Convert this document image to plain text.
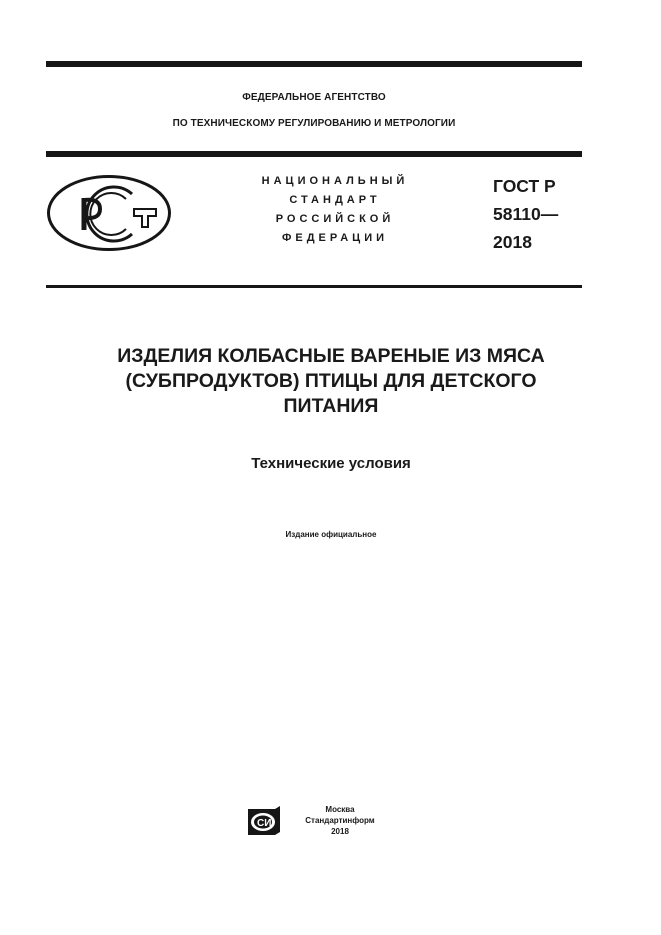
ФЕДЕРАЛЬНОЕ АГЕНТСТВО
ПО ТЕХНИЧЕСКОМУ РЕГУЛИРОВАНИЮ И МЕТРОЛОГИИ
НАЦИОНАЛЬНЫЙ
СТАНДАРТ
РОССИЙСКОЙ
ФЕДЕРАЦИИ
ГОСТ Р
58110—
2018
ИЗДЕЛИЯ КОЛБАСНЫЕ ВАРЕНЫЕ ИЗ МЯСА
(СУБПРОДУКТОВ) ПТИЦЫ ДЛЯ ДЕТСКОГО
ПИТАНИЯ
Технические условия
Издание официальное
СИ
Москва
Стандартинформ
2018
